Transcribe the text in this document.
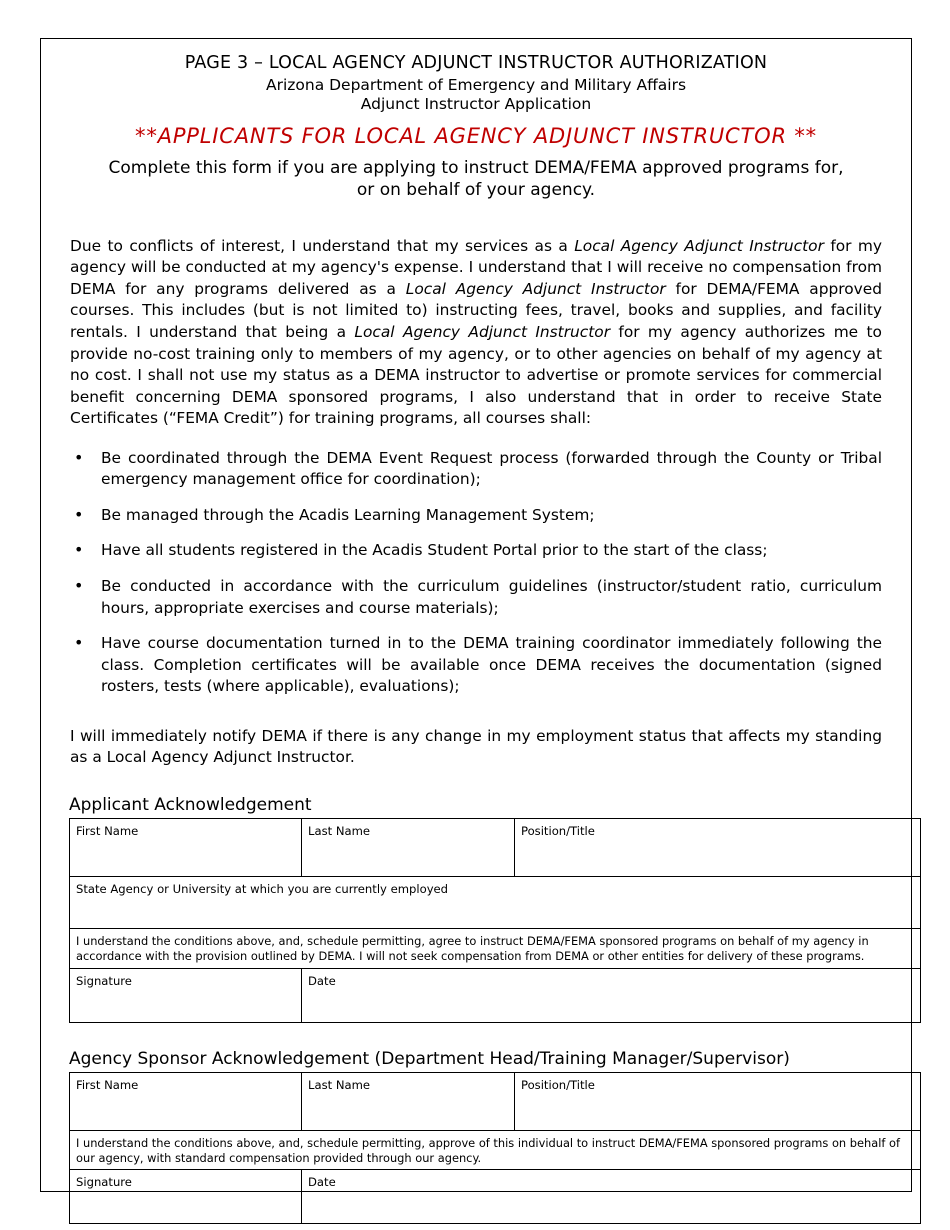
PAGE 3 – LOCAL AGENCY ADJUNCT INSTRUCTOR AUTHORIZATION
Arizona Department of Emergency and Military Affairs
Adjunct Instructor Application
**APPLICANTS FOR LOCAL AGENCY ADJUNCT INSTRUCTOR **
Complete this form if you are applying to instruct DEMA/FEMA approved programs for,
or on behalf of your agency.

Due to conflicts of interest, I understand that my services as a Local Agency Adjunct Instructor for my agency will be conducted at my agency's expense. I understand that I will receive no compensation from DEMA for any programs delivered as a Local Agency Adjunct Instructor for DEMA/FEMA approved courses. This includes (but is not limited to) instructing fees, travel, books and supplies, and facility rentals. I understand that being a Local Agency Adjunct Instructor for my agency authorizes me to provide no-cost training only to members of my agency, or to other agencies on behalf of my agency at no cost. I shall not use my status as a DEMA instructor to advertise or promote services for commercial benefit concerning DEMA sponsored programs, I also understand that in order to receive State Certificates (“FEMA Credit”) for training programs, all courses shall:

• Be coordinated through the DEMA Event Request process (forwarded through the County or Tribal emergency management office for coordination);
• Be managed through the Acadis Learning Management System;
• Have all students registered in the Acadis Student Portal prior to the start of the class;
• Be conducted in accordance with the curriculum guidelines (instructor/student ratio, curriculum hours, appropriate exercises and course materials);
• Have course documentation turned in to the DEMA training coordinator immediately following the class. Completion certificates will be available once DEMA receives the documentation (signed rosters, tests (where applicable), evaluations);
I will immediately notify DEMA if there is any change in my employment status that affects my standing as a Local Agency Adjunct Instructor.
Applicant Acknowledgement
First Name	Last Name	Position/Title
State Agency or University at which you are currently employed		

I understand the conditions above, and, schedule permitting, agree to instruct DEMA/FEMA sponsored programs on behalf of my agency in accordance with the provision outlined by DEMA. I will not seek compensation from DEMA or other entities for delivery of these programs.		

Signature	Date	
Agency Sponsor Acknowledgement (Department Head/Training Manager/Supervisor)
First Name	Last Name	Position/Title

I understand the conditions above, and, schedule permitting, approve of this individual to instruct DEMA/FEMA sponsored programs on behalf of our agency, with standard compensation provided through our agency.		

Signature	Date	
